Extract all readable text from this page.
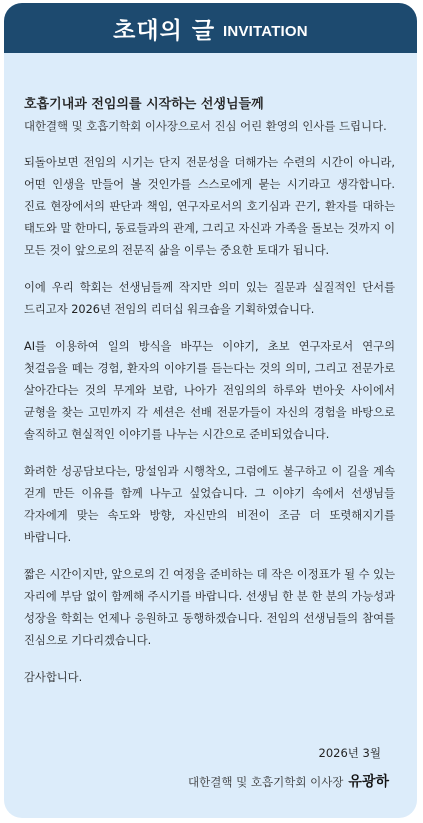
초대의 글 INVITATION
호흡기내과 전임의를 시작하는 선생님들께
대한결핵 및 호흡기학회 이사장으로서 진심 어린 환영의 인사를 드립니다.

되돌아보면 전임의 시기는 단지 전문성을 더해가는 수련의 시간이 아니라, 어떤 인생을 만들어 볼 것인가를 스스로에게 묻는 시기라고 생각합니다. 진료 현장에서의 판단과 책임, 연구자로서의 호기심과 끈기, 환자를 대하는 태도와 말 한마디, 동료들과의 관계, 그리고 자신과 가족을 돌보는 것까지 이 모든 것이 앞으로의 전문직 삶을 이루는 중요한 토대가 됩니다.

이에 우리 학회는 선생님들께 작지만 의미 있는 질문과 실질적인 단서를 드리고자 2026년 전임의 리더십 워크숍을 기획하였습니다.

AI를 이용하여 일의 방식을 바꾸는 이야기, 초보 연구자로서 연구의 첫걸음을 떼는 경험, 환자의 이야기를 듣는다는 것의 의미, 그리고 전문가로 살아간다는 것의 무게와 보람, 나아가 전임의의 하루와 번아웃 사이에서 균형을 찾는 고민까지 각 세션은 선배 전문가들이 자신의 경험을 바탕으로 솔직하고 현실적인 이야기를 나누는 시간으로 준비되었습니다.

화려한 성공담보다는, 망설임과 시행착오, 그럼에도 불구하고 이 길을 계속 걷게 만든 이유를 함께 나누고 싶었습니다. 그 이야기 속에서 선생님들 각자에게 맞는 속도와 방향, 자신만의 비전이 조금 더 또렷해지기를 바랍니다.

짧은 시간이지만, 앞으로의 긴 여정을 준비하는 데 작은 이정표가 될 수 있는 자리에 부담 없이 함께해 주시기를 바랍니다. 선생님 한 분 한 분의 가능성과 성장을 학회는 언제나 응원하고 동행하겠습니다. 전임의 선생님들의 참여를 진심으로 기다리겠습니다.

감사합니다.

2026년 3월
대한결핵 및 호흡기학회 이사장 유광하
